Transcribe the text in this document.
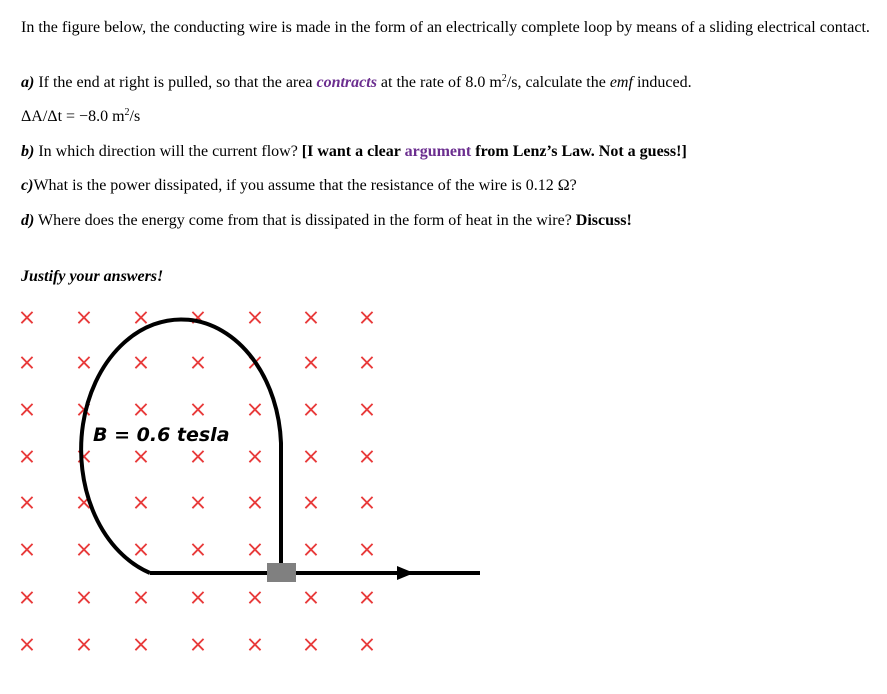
In the figure below, the conducting wire is made in the form of an electrically complete loop by means of a sliding electrical contact.

a) If the end at right is pulled, so that the area contracts at the rate of 8.0 $m^2/s$, calculate the emf induced.

ΔA/Δt = −8.0 $m^2/s$

b) In which direction will the current flow? [I want a clear argument from Lenz’s Law. Not a guess!]

c)What is the power dissipated, if you assume that the resistance of the wire is 0.12 Ω?

d) Where does the energy come from that is dissipated in the form of heat in the wire? Discuss!

Justify your answers!

× × × × × × ×
× × × × × × ×
× × × × × × ×
× × × × × × ×
× × × × × × ×
× × × × × × ×
× × × × × × ×
× × × × × × ×
B = 0.6 tesla
